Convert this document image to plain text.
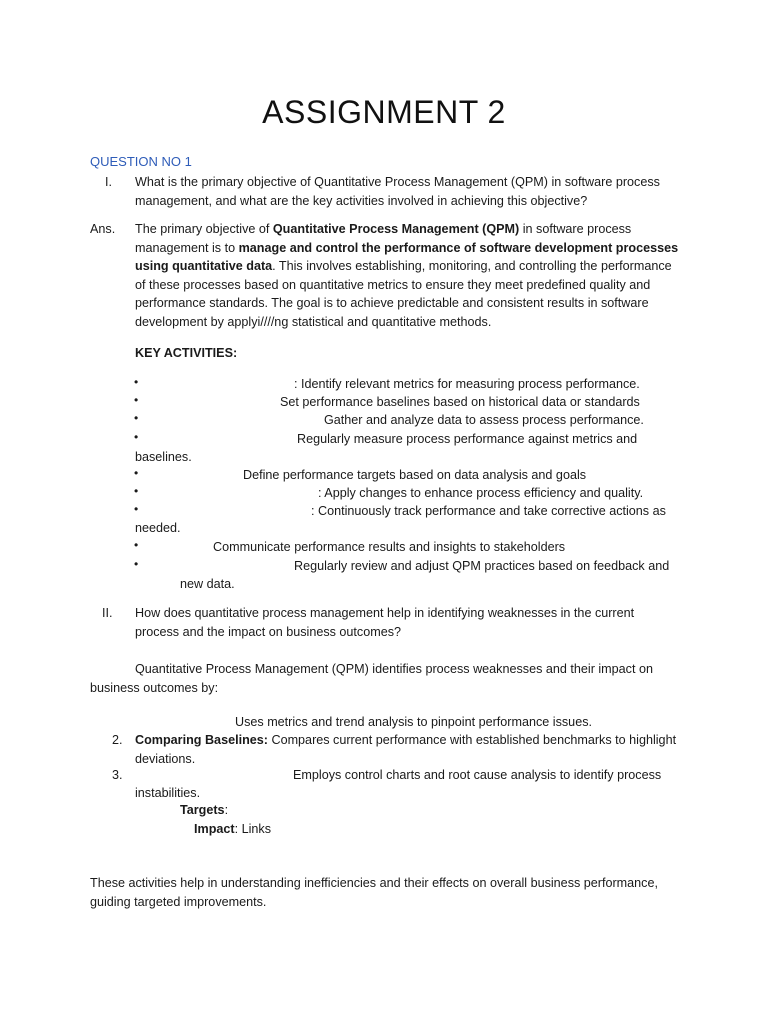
ASSIGNMENT 2
QUESTION NO 1
I.	What is the primary objective of Quantitative Process Management (QPM) in software process management, and what are the key activities involved in achieving this objective?
Ans. The primary objective of Quantitative Process Management (QPM) in software process management is to manage and control the performance of software development processes using quantitative data. This involves establishing, monitoring, and controlling the performance of these processes based on quantitative metrics to ensure they meet predefined quality and performance standards. The goal is to achieve predictable and consistent results in software development by applyi////ng statistical and quantitative methods.
KEY ACTIVITIES:
•	: Identify relevant metrics for measuring process performance.
•	Set performance baselines based on historical data or standards
•	Gather and analyze data to assess process performance.
•	Regularly measure process performance against metrics and
baselines.
•	Define performance targets based on data analysis and goals
•	: Apply changes to enhance process efficiency and quality.
•	: Continuously track performance and take corrective actions as
needed.
•	Communicate performance results and insights to stakeholders
•	Regularly review and adjust QPM practices based on feedback and
new data.
II.	How does quantitative process management help in identifying weaknesses in the current process and the impact on business outcomes?
Quantitative Process Management (QPM) identifies process weaknesses and their impact on business outcomes by:
Uses metrics and trend analysis to pinpoint performance issues.
2. Comparing Baselines: Compares current performance with established benchmarks to highlight deviations.
3.	Employs control charts and root cause analysis to identify process
instabilities.
Targets:
Impact: Links
These activities help in understanding inefficiencies and their effects on overall business performance, guiding targeted improvements.
